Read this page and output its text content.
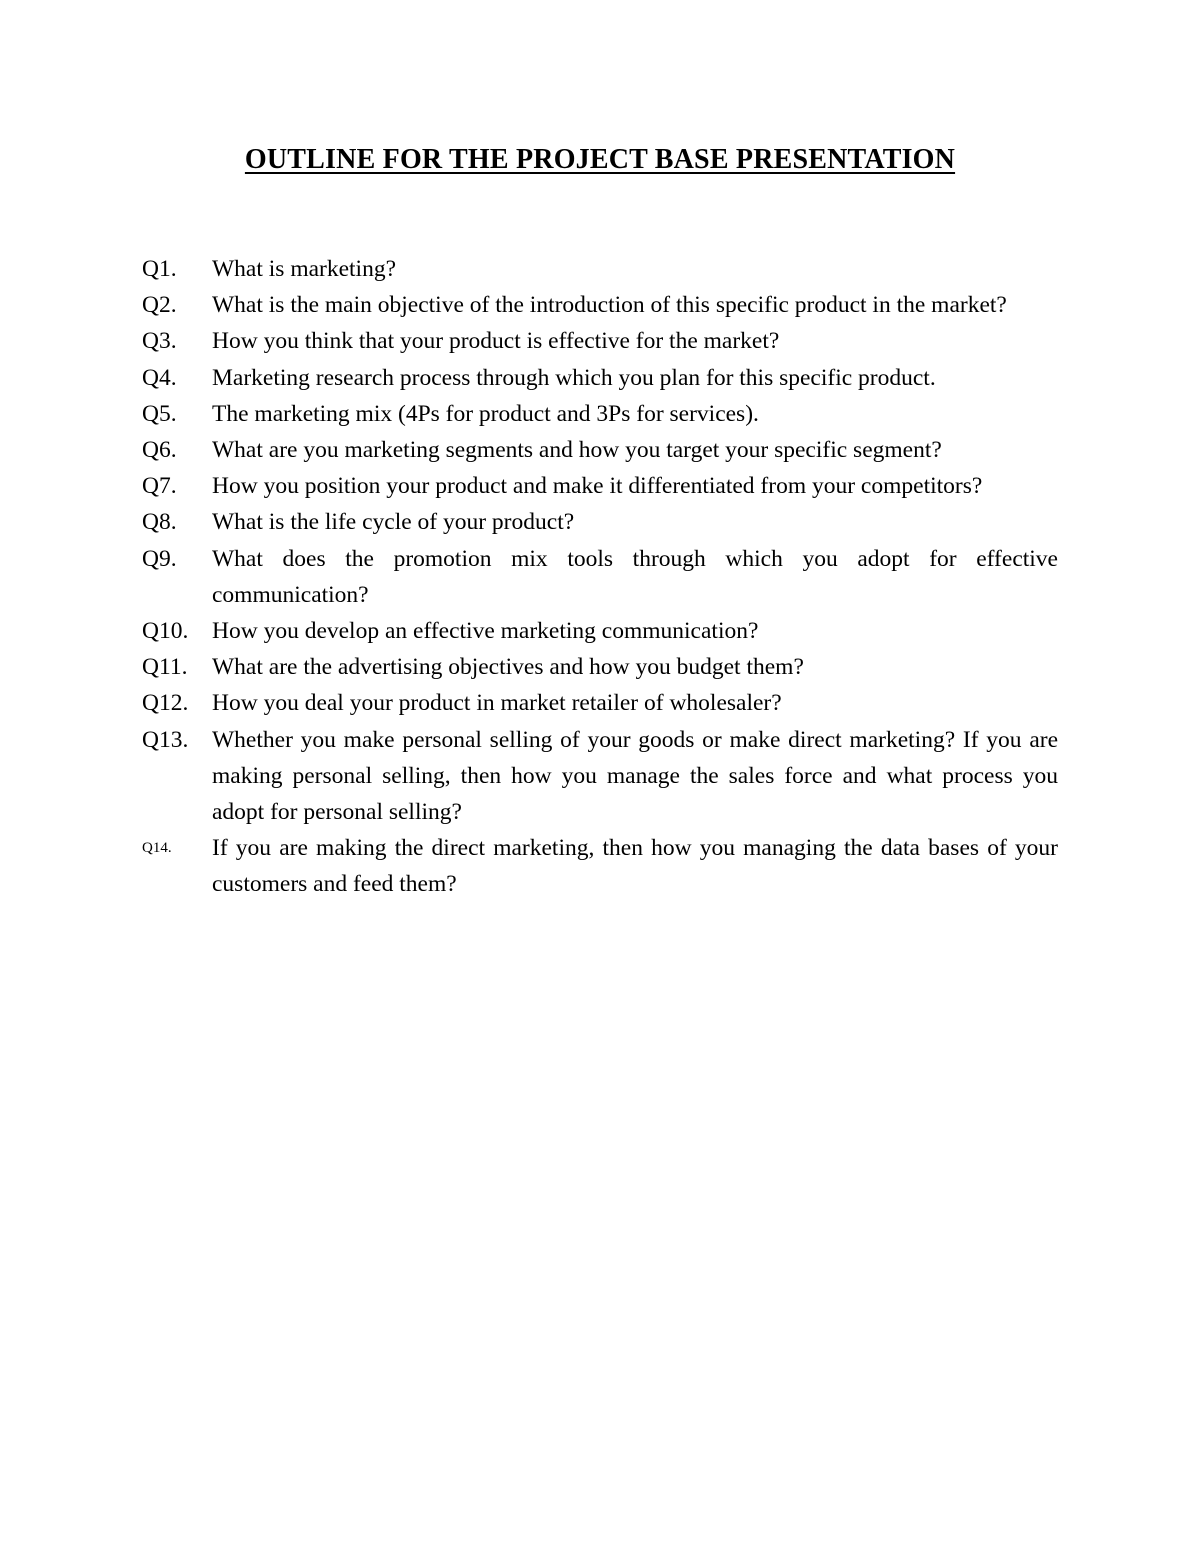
OUTLINE FOR THE PROJECT BASE PRESENTATION
Q1.	What is marketing?
Q2.	What is the main objective of the introduction of this specific product in the market?
Q3.	How you think that your product is effective for the market?
Q4.	Marketing research process through which you plan for this specific product.
Q5.	The marketing mix (4Ps for product and 3Ps for services).
Q6.	What are you marketing segments and how you target your specific segment?
Q7.	How you position your product and make it differentiated from your competitors?
Q8.	What is the life cycle of your product?
Q9.	What does the promotion mix tools through which you adopt for effective communication?
Q10.	How you develop an effective marketing communication?
Q11.	What are the advertising objectives and how you budget them?
Q12.	How you deal your product in market retailer of wholesaler?
Q13.	Whether you make personal selling of your goods or make direct marketing? If you are making personal selling, then how you manage the sales force and what process you adopt for personal selling?
Q14.	If you are making the direct marketing, then how you managing the data bases of your customers and feed them?
